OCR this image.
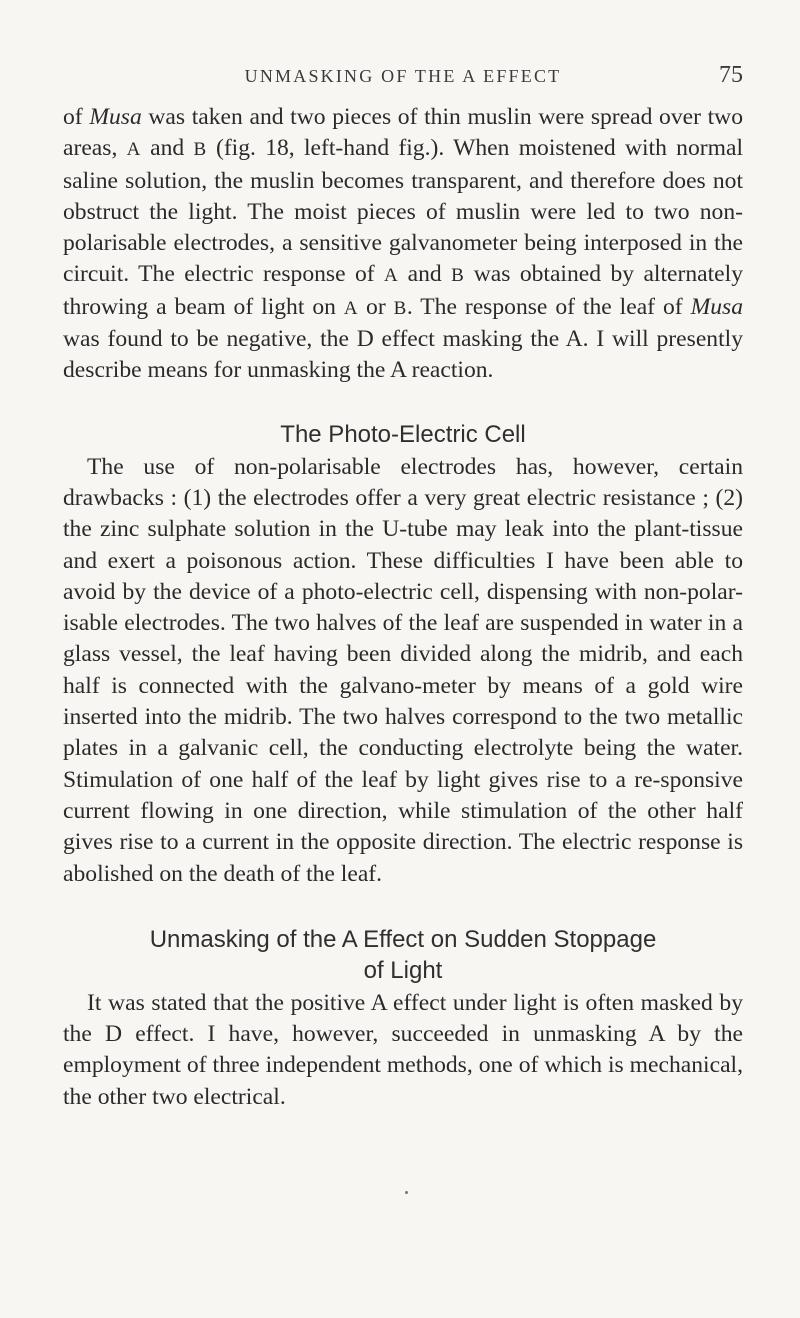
UNMASKING OF THE A EFFECT	75

of Musa was taken and two pieces of thin muslin were spread over two areas, A and B (fig. 18, left-hand fig.). When moistened with normal saline solution, the muslin becomes transparent, and therefore does not obstruct the light. The moist pieces of muslin were led to two non-polarisable electrodes, a sensitive galvanometer being interposed in the circuit. The electric response of A and B was obtained by alternately throwing a beam of light on A or B. The response of the leaf of Musa was found to be negative, the D effect masking the A. I will presently describe means for unmasking the A reaction.

The Photo-Electric Cell

The use of non-polarisable electrodes has, however, certain drawbacks : (1) the electrodes offer a very great electric resistance ; (2) the zinc sulphate solution in the U-tube may leak into the plant-tissue and exert a poisonous action. These difficulties I have been able to avoid by the device of a photo-electric cell, dispensing with non-polar-isable electrodes. The two halves of the leaf are suspended in water in a glass vessel, the leaf having been divided along the midrib, and each half is connected with the galvano-meter by means of a gold wire inserted into the midrib. The two halves correspond to the two metallic plates in a galvanic cell, the conducting electrolyte being the water. Stimulation of one half of the leaf by light gives rise to a re-sponsive current flowing in one direction, while stimulation of the other half gives rise to a current in the opposite direction. The electric response is abolished on the death of the leaf.

Unmasking of the A Effect on Sudden Stoppage
of Light

It was stated that the positive A effect under light is often masked by the D effect. I have, however, succeeded in unmasking A by the employment of three independent methods, one of which is mechanical, the other two electrical.
